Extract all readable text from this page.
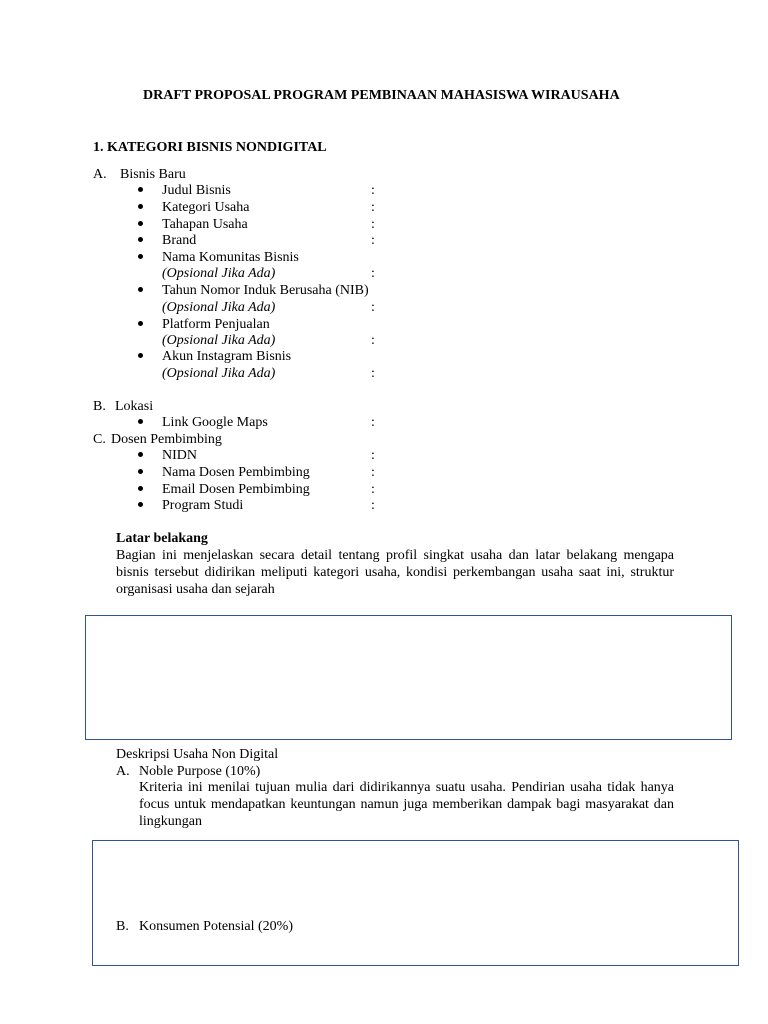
DRAFT PROPOSAL PROGRAM PEMBINAAN MAHASISWA WIRAUSAHA
1. KATEGORI BISNIS NONDIGITAL
A. Bisnis Baru
Judul Bisnis	:
Kategori Usaha	:
Tahapan Usaha	:
Brand	:
Nama Komunitas Bisnis
(Opsional Jika Ada)	:
Tahun Nomor Induk Berusaha (NIB)
(Opsional Jika Ada)	:
Platform Penjualan
(Opsional Jika Ada)	:
Akun Instagram Bisnis
(Opsional Jika Ada)	:
B. Lokasi
Link Google Maps	:
C. Dosen Pembimbing
NIDN	:
Nama Dosen Pembimbing	:
Email Dosen Pembimbing	:
Program Studi	:
Latar belakang
Bagian ini menjelaskan secara detail tentang profil singkat usaha dan latar belakang mengapa
bisnis tersebut didirikan meliputi kategori usaha, kondisi perkembangan usaha saat ini, struktur
organisasi usaha dan sejarah
Deskripsi Usaha Non Digital
A. Noble Purpose (10%)
Kriteria ini menilai tujuan mulia dari didirikannya suatu usaha. Pendirian usaha tidak hanya
focus untuk mendapatkan keuntungan namun juga memberikan dampak bagi masyarakat dan
lingkungan
B. Konsumen Potensial (20%)
